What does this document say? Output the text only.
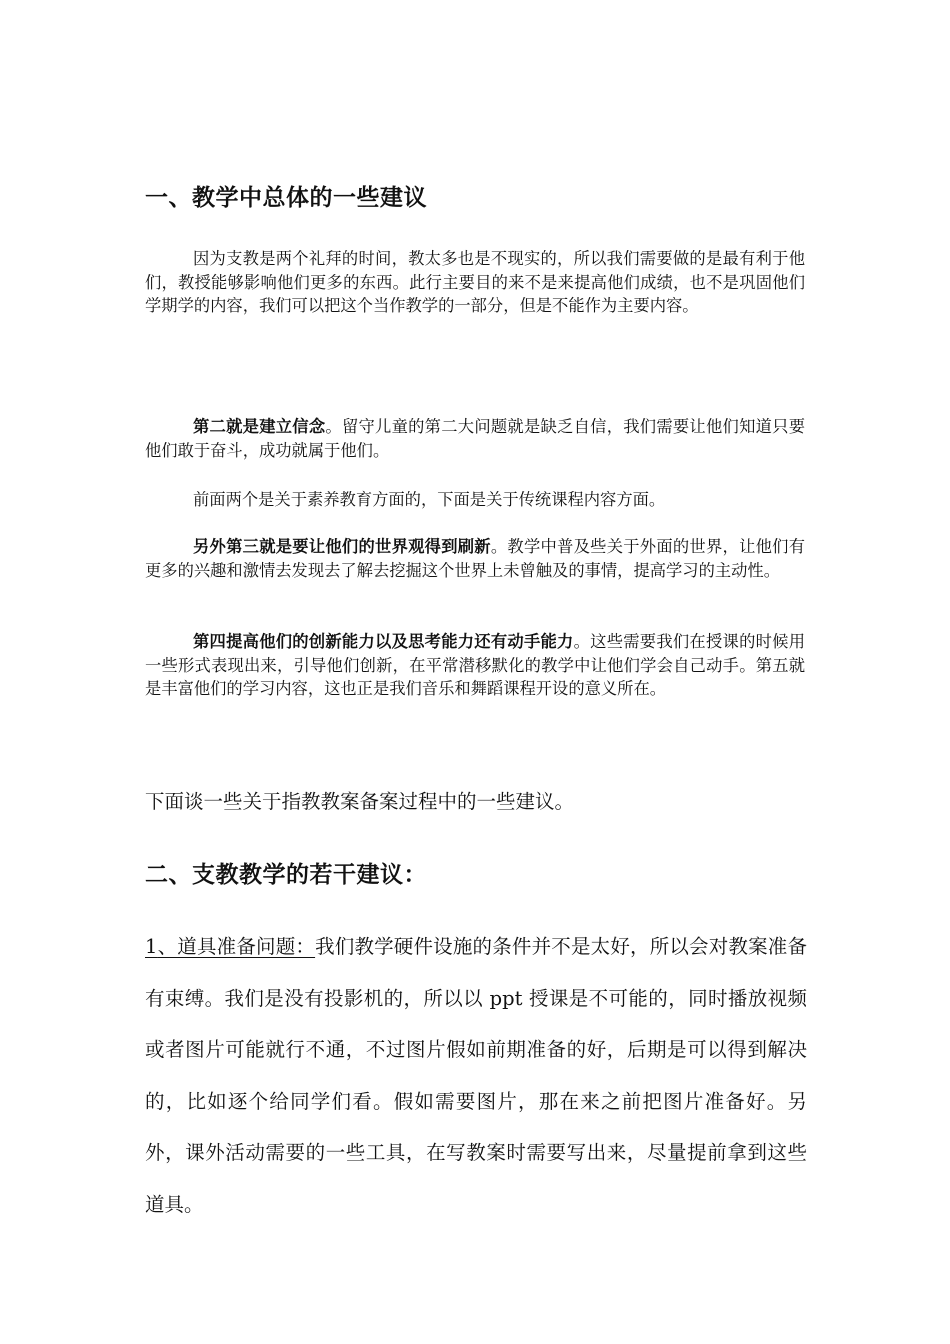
一、教学中总体的一些建议

因为支教是两个礼拜的时间，教太多也是不现实的，所以我们需要做的是最有利于他们，教授能够影响他们更多的东西。此行主要目的来不是来提高他们成绩，也不是巩固他们学期学的内容，我们可以把这个当作教学的一部分，但是不能作为主要内容。

第二就是建立信念。留守儿童的第二大问题就是缺乏自信，我们需要让他们知道只要他们敢于奋斗，成功就属于他们。

前面两个是关于素养教育方面的，下面是关于传统课程内容方面。

另外第三就是要让他们的世界观得到刷新。教学中普及些关于外面的世界，让他们有更多的兴趣和激情去发现去了解去挖掘这个世界上未曾触及的事情，提高学习的主动性。

第四提高他们的创新能力以及思考能力还有动手能力。这些需要我们在授课的时候用一些形式表现出来，引导他们创新，在平常潜移默化的教学中让他们学会自己动手。第五就是丰富他们的学习内容，这也正是我们音乐和舞蹈课程开设的意义所在。

下面谈一些关于指教教案备案过程中的一些建议。

二、支教教学的若干建议：

1、道具准备问题：我们教学硬件设施的条件并不是太好，所以会对教案准备有束缚。我们是没有投影机的，所以以 ppt 授课是不可能的，同时播放视频或者图片可能就行不通，不过图片假如前期准备的好，后期是可以得到解决的，比如逐个给同学们看。假如需要图片，那在来之前把图片准备好。另外，课外活动需要的一些工具，在写教案时需要写出来，尽量提前拿到这些道具。
